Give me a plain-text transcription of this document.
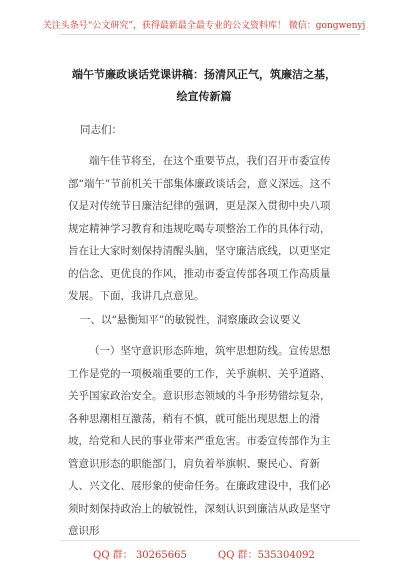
关注头条号“公文研究”，获得最新最全最专业的公文资料库！ 微信：gongwenyj
端午节廉政谈话党课讲稿：扬清风正气，筑廉洁之基，绘宣传新篇
同志们：
端午佳节将至，在这个重要节点，我们召开市委宣传部“端午”节前机关干部集体廉政谈话会，意义深远。这不仅是对传统节日廉洁纪律的强调，更是深入贯彻中央八项规定精神学习教育和违规吃喝专项整治工作的具体行动，旨在让大家时刻保持清醒头脑，坚守廉洁底线，以更坚定的信念、更优良的作风，推动市委宣传部各项工作高质量发展。下面，我讲几点意见。
一、以“悬衡知平”的敏锐性，洞察廉政会议要义
（一）坚守意识形态阵地，筑牢思想防线。宣传思想工作是党的一项极端重要的工作，关乎旗帜、关乎道路、关乎国家政治安全。意识形态领域的斗争形势错综复杂，各种思潮相互激荡，稍有不慎，就可能出现思想上的滑坡，给党和人民的事业带来严重危害。市委宣传部作为主管意识形态的职能部门，肩负着举旗帜、聚民心、育新人、兴文化、展形象的使命任务。在廉政建设中，我们必须时刻保持政治上的敏锐性，深刻认识到廉洁从政是坚守意识形
QQ 群： 30265665	QQ 群：535304092
